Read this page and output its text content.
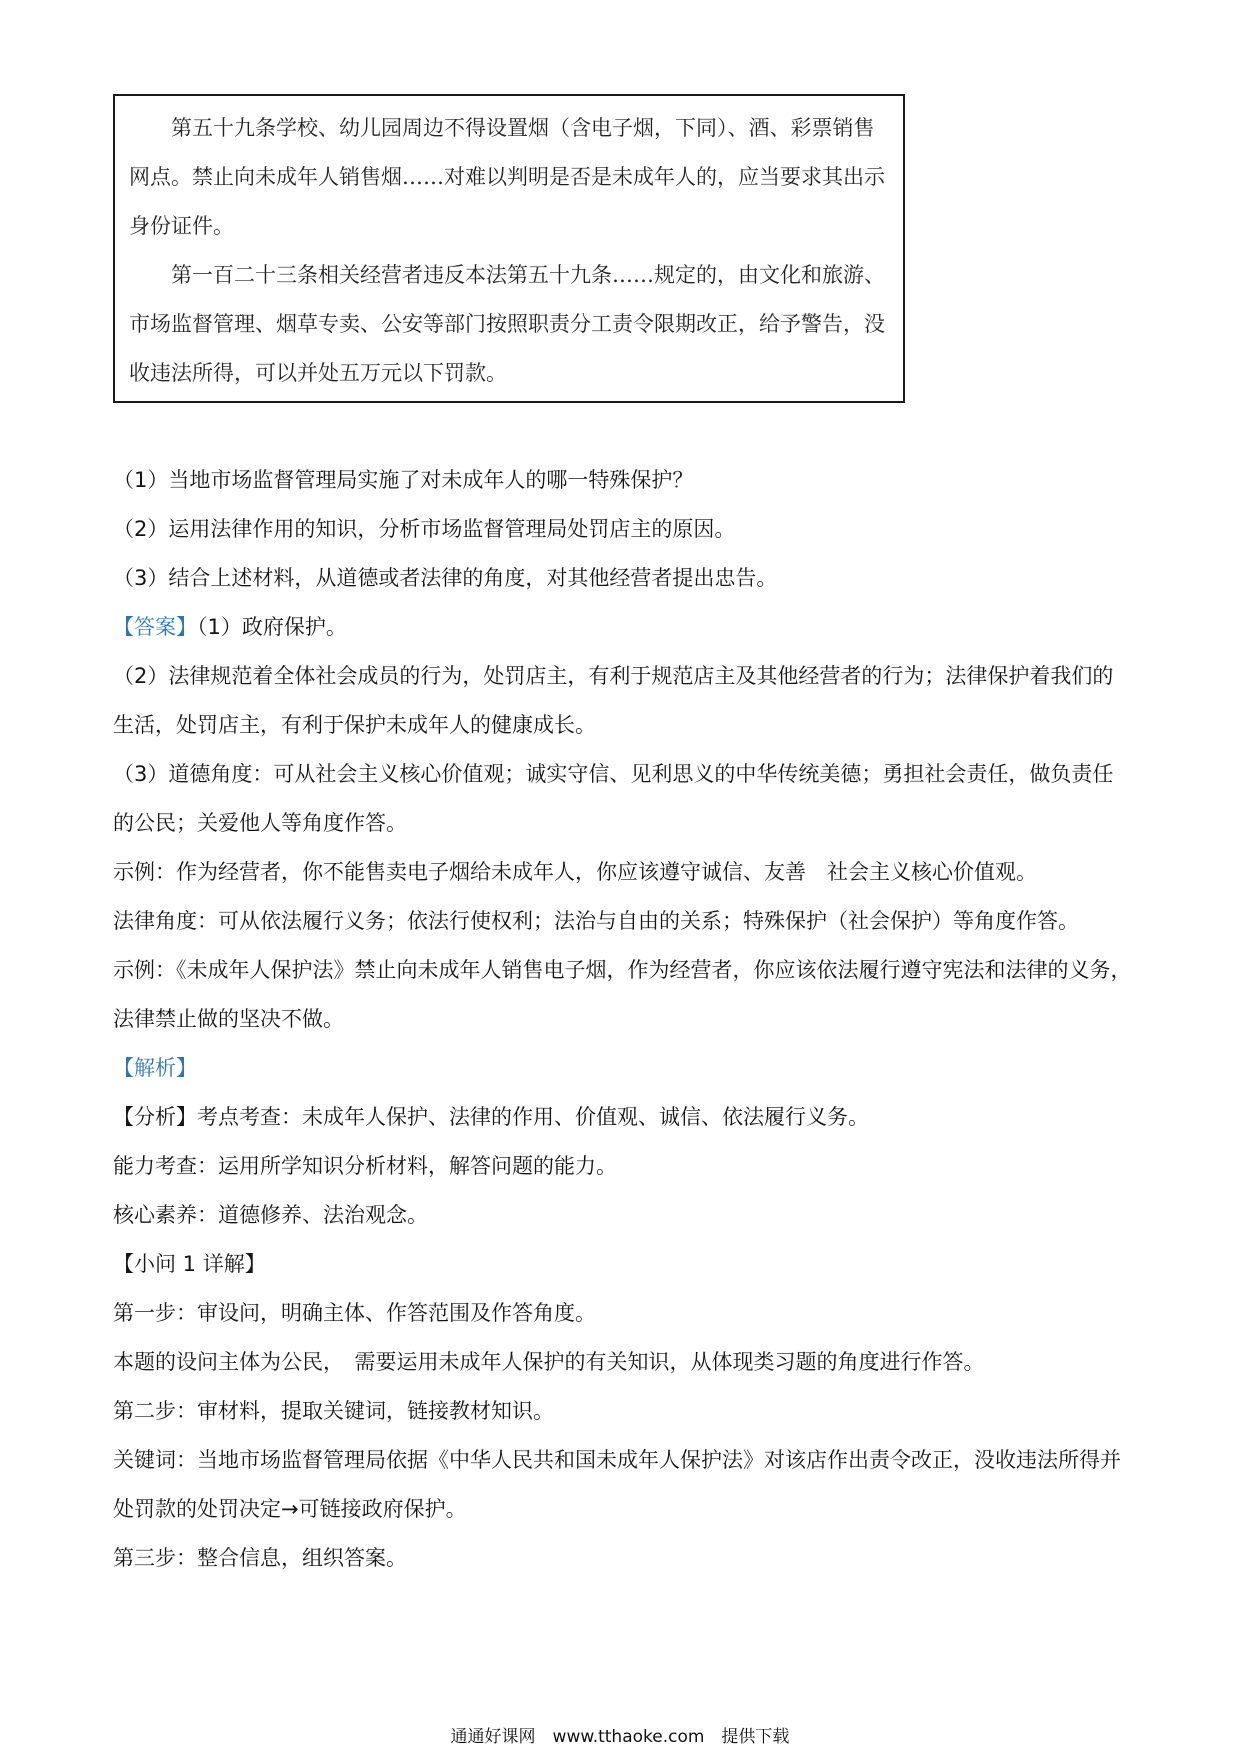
第五十九条学校、幼儿园周边不得设置烟（含电子烟，下同）、酒、彩票销售网点。禁止向未成年人销售烟……对难以判明是否是未成年人的，应当要求其出示身份证件。

第一百二十三条相关经营者违反本法第五十九条……规定的，由文化和旅游、市场监督管理、烟草专卖、公安等部门按照职责分工责令限期改正，给予警告，没收违法所得，可以并处五万元以下罚款。

（1）当地市场监督管理局实施了对未成年人的哪一特殊保护？

（2）运用法律作用的知识，分析市场监督管理局处罚店主的原因。

（3）结合上述材料，从道德或者法律的角度，对其他经营者提出忠告。

【答案】（1）政府保护。

（2）法律规范着全体社会成员的行为，处罚店主，有利于规范店主及其他经营者的行为；法律保护着我们的生活，处罚店主，有利于保护未成年人的健康成长。

（3）道德角度：可从社会主义核心价值观；诚实守信、见利思义的中华传统美德；勇担社会责任，做负责任的公民；关爱他人等角度作答。

示例：作为经营者，你不能售卖电子烟给未成年人，你应该遵守诚信、友善　社会主义核心价值观。

法律角度：可从依法履行义务；依法行使权利；法治与自由的关系；特殊保护（社会保护）等角度作答。

示例：《未成年人保护法》禁止向未成年人销售电子烟，作为经营者，你应该依法履行遵守宪法和法律的义务，法律禁止做的坚决不做。

【解析】

【分析】考点考查：未成年人保护、法律的作用、价值观、诚信、依法履行义务。

能力考查：运用所学知识分析材料，解答问题的能力。

核心素养：道德修养、法治观念。

【小问 1 详解】

第一步：审设问，明确主体、作答范围及作答角度。

本题的设问主体为公民，　需要运用未成年人保护的有关知识，从体现类习题的角度进行作答。

第二步：审材料，提取关键词，链接教材知识。

关键词：当地市场监督管理局依据《中华人民共和国未成年人保护法》对该店作出责令改正，没收违法所得并处罚款的处罚决定→可链接政府保护。

第三步：整合信息，组织答案。

通通好课网　www.tthaoke.com　提供下载
